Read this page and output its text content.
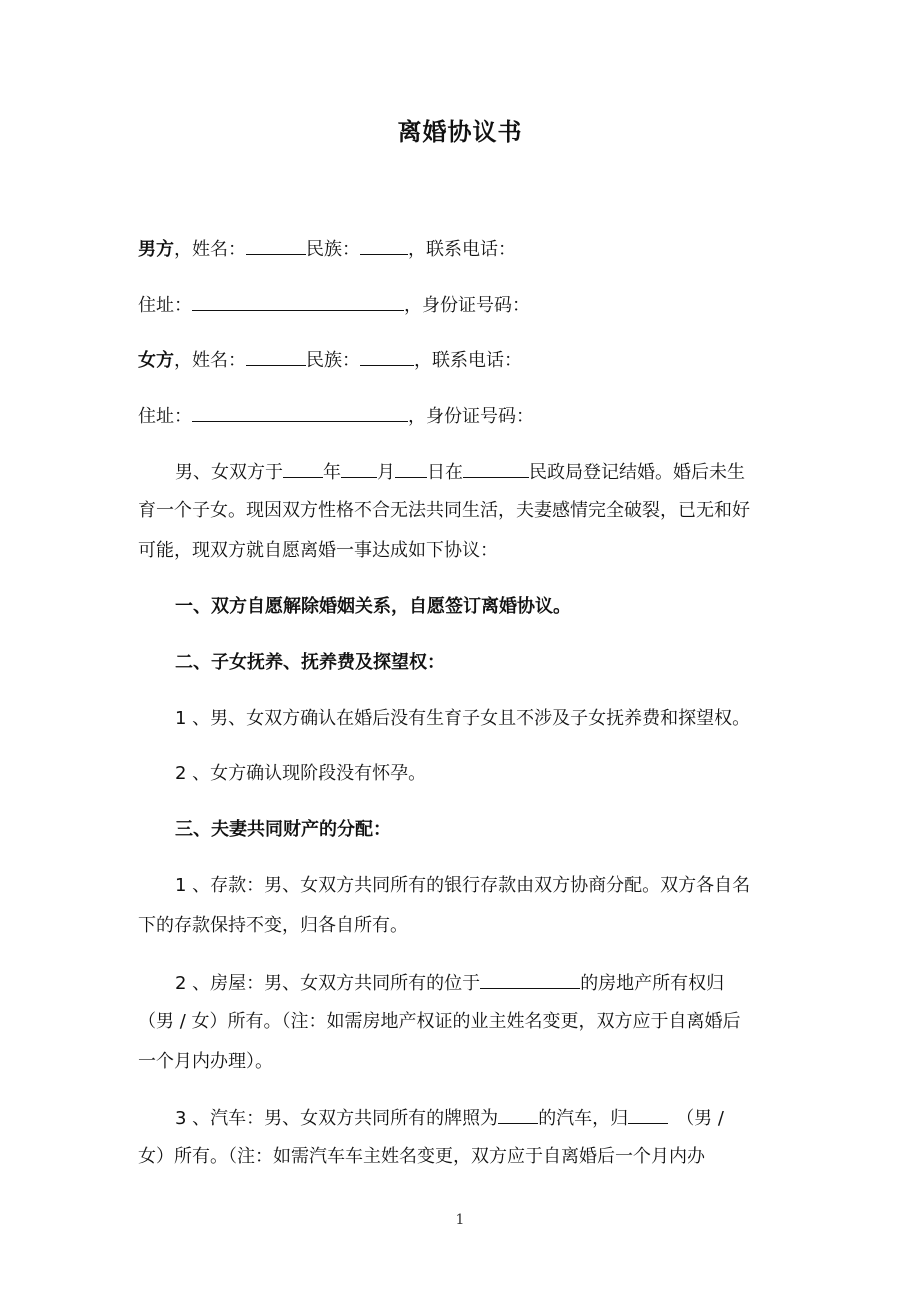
离婚协议书
男方，姓名：	民族：	，联系电话：
住址：	，身份证号码：
女方，姓名：	民族：	，联系电话：
住址：	，身份证号码：
男、女双方于 年 月 日在	民政局登记结婚。婚后未生
育一个子女。现因双方性格不合无法共同生活，夫妻感情完全破裂，已无和好
可能，现双方就自愿离婚一事达成如下协议：
一、双方自愿解除婚姻关系，自愿签订离婚协议。
二、子女抚养、抚养费及探望权：
1 、男、女双方确认在婚后没有生育子女且不涉及子女抚养费和探望权。
2 、女方确认现阶段没有怀孕。
三、夫妻共同财产的分配：
1 、存款：男、女双方共同所有的银行存款由双方协商分配。双方各自名
下的存款保持不变，归各自所有。
2 、房屋：男、女双方共同所有的位于	的房地产所有权归
（男 / 女）所有。（注：如需房地产权证的业主姓名变更，双方应于自离婚后
一个月内办理）。
3 、汽车：男、女双方共同所有的牌照为 的汽车，归	（男 /
女）所有。（注：如需汽车车主姓名变更，双方应于自离婚后一个月内办
1
